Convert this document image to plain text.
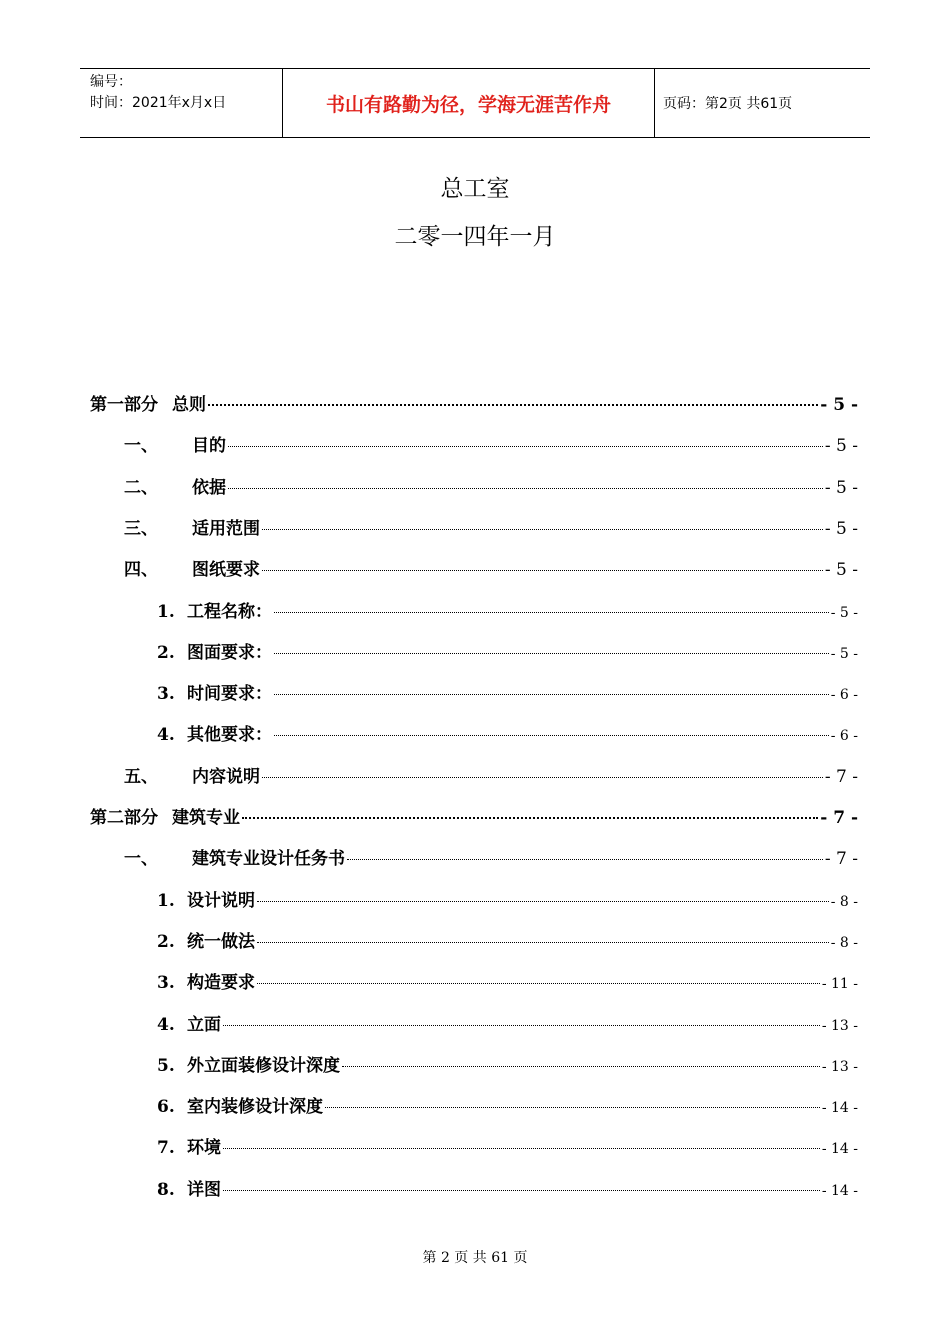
编号：
时间：2021年x月x日	书山有路勤为径，学海无涯苦作舟	页码：第2页 共61页
总工室
二零一四年一月
第一部分 总则	- 5 -
一、	目的	- 5 -
二、	依据	- 5 -
三、	适用范围	- 5 -
四、	图纸要求	- 5 -
1. 工程名称：	- 5 -
2. 图面要求：	- 5 -
3. 时间要求：	- 6 -
4. 其他要求：	- 6 -
五、	内容说明	- 7 -
第二部分 建筑专业	- 7 -
一、	建筑专业设计任务书	- 7 -
1. 设计说明	- 8 -
2. 统一做法	- 8 -
3. 构造要求	- 11 -
4. 立面	- 13 -
5. 外立面装修设计深度	- 13 -
6. 室内装修设计深度	- 14 -
7. 环境	- 14 -
8. 详图	- 14 -
第 2 页 共 61 页
